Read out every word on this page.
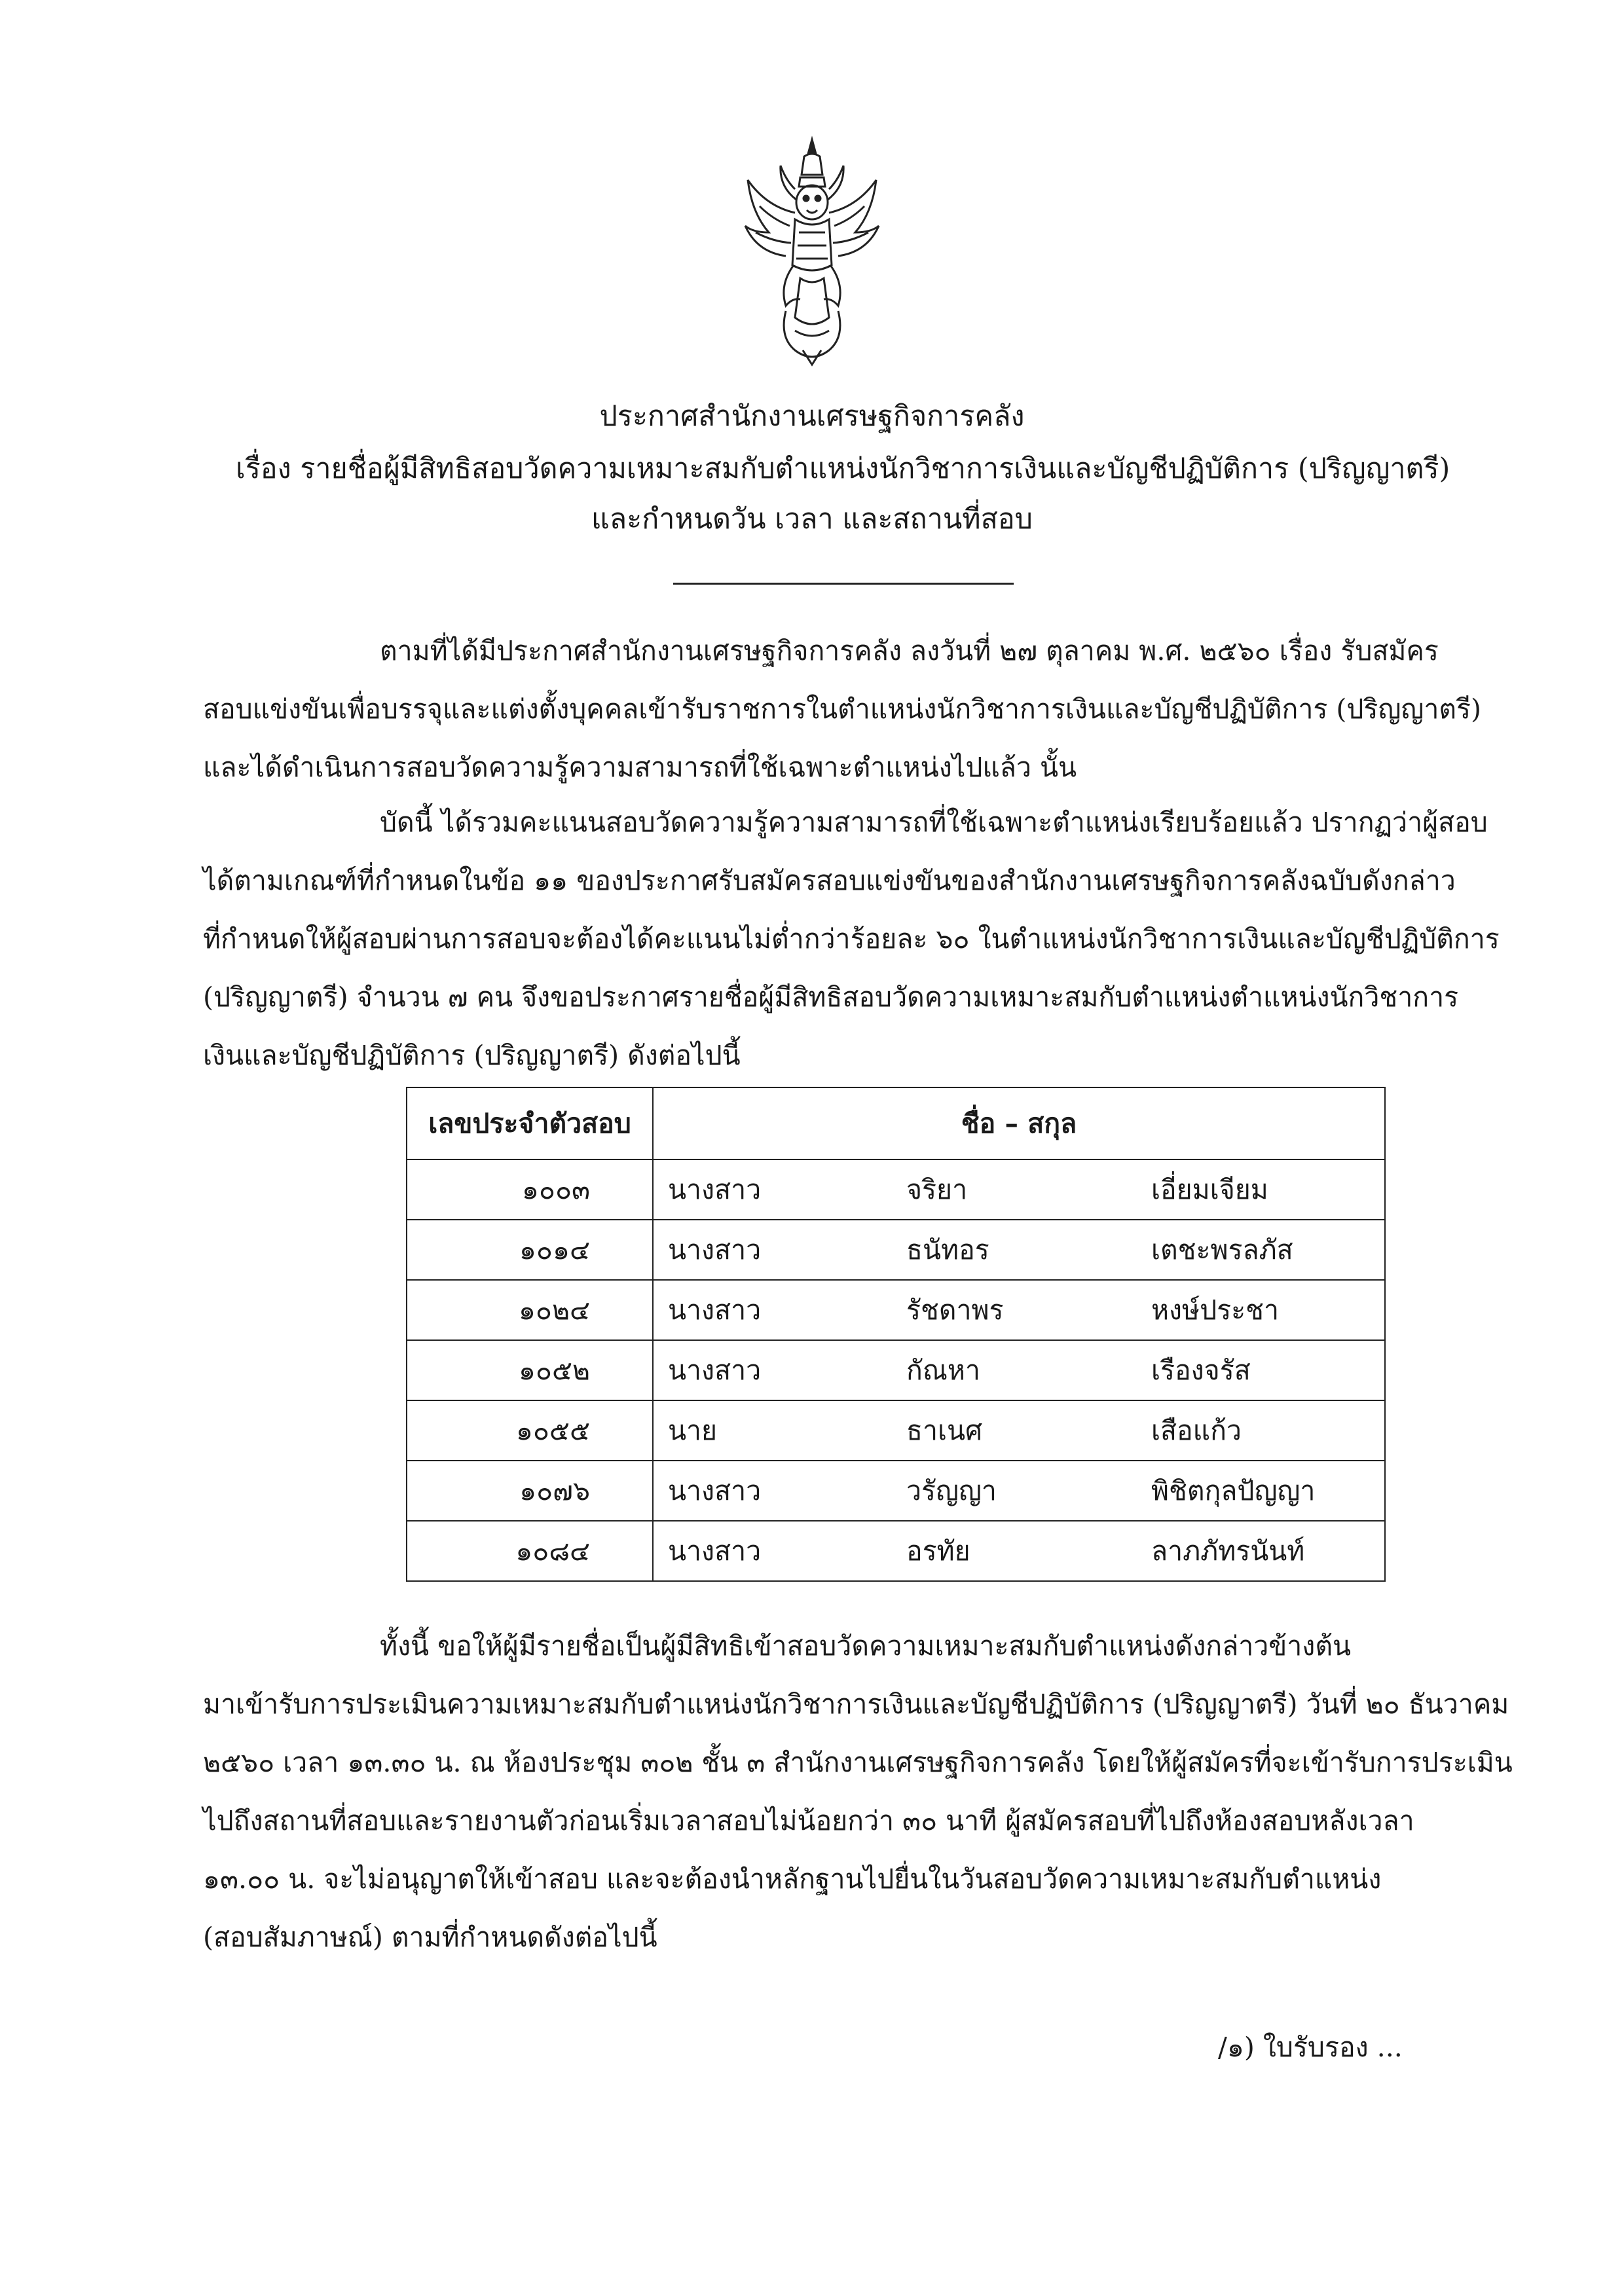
ประกาศสำนักงานเศรษฐกิจการคลัง
เรื่อง รายชื่อผู้มีสิทธิสอบวัดความเหมาะสมกับตำแหน่งนักวิชาการเงินและบัญชีปฏิบัติการ (ปริญญาตรี)
และกำหนดวัน เวลา และสถานที่สอบ
ตามที่ได้มีประกาศสำนักงานเศรษฐกิจการคลัง ลงวันที่ ๒๗ ตุลาคม พ.ศ. ๒๕๖๐ เรื่อง รับสมัคร
สอบแข่งขันเพื่อบรรจุและแต่งตั้งบุคคลเข้ารับราชการในตำแหน่งนักวิชาการเงินและบัญชีปฏิบัติการ (ปริญญาตรี)
และได้ดำเนินการสอบวัดความรู้ความสามารถที่ใช้เฉพาะตำแหน่งไปแล้ว นั้น
บัดนี้ ได้รวมคะแนนสอบวัดความรู้ความสามารถที่ใช้เฉพาะตำแหน่งเรียบร้อยแล้ว ปรากฏว่าผู้สอบ
ได้ตามเกณฑ์ที่กำหนดในข้อ ๑๑ ของประกาศรับสมัครสอบแข่งขันของสำนักงานเศรษฐกิจการคลังฉบับดังกล่าว
ที่กำหนดให้ผู้สอบผ่านการสอบจะต้องได้คะแนนไม่ต่ำกว่าร้อยละ ๖๐ ในตำแหน่งนักวิชาการเงินและบัญชีปฏิบัติการ
(ปริญญาตรี) จำนวน ๗ คน จึงขอประกาศรายชื่อผู้มีสิทธิสอบวัดความเหมาะสมกับตำแหน่งตำแหน่งนักวิชาการ
เงินและบัญชีปฏิบัติการ (ปริญญาตรี) ดังต่อไปนี้
เลขประจำตัวสอบ	ชื่อ – สกุล		
๑๐๐๓	นางสาว	จริยา	เอี่ยมเจียม
๑๐๑๔	นางสาว	ธนัทอร	เตชะพรลภัส
๑๐๒๔	นางสาว	รัชดาพร	หงษ์ประชา
๑๐๕๒	นางสาว	กัณหา	เรืองจรัส
๑๐๕๕	นาย	ธาเนศ	เสือแก้ว
๑๐๗๖	นางสาว	วรัญญา	พิชิตกุลปัญญา
๑๐๘๔	นางสาว	อรทัย	ลาภภัทรนันท์
ทั้งนี้ ขอให้ผู้มีรายชื่อเป็นผู้มีสิทธิเข้าสอบวัดความเหมาะสมกับตำแหน่งดังกล่าวข้างต้น
มาเข้ารับการประเมินความเหมาะสมกับตำแหน่งนักวิชาการเงินและบัญชีปฏิบัติการ (ปริญญาตรี) วันที่ ๒๐ ธันวาคม
๒๕๖๐ เวลา ๑๓.๓๐ น. ณ ห้องประชุม ๓๐๒ ชั้น ๓ สำนักงานเศรษฐกิจการคลัง โดยให้ผู้สมัครที่จะเข้ารับการประเมิน
ไปถึงสถานที่สอบและรายงานตัวก่อนเริ่มเวลาสอบไม่น้อยกว่า ๓๐ นาที ผู้สมัครสอบที่ไปถึงห้องสอบหลังเวลา
๑๓.๐๐ น. จะไม่อนุญาตให้เข้าสอบ และจะต้องนำหลักฐานไปยื่นในวันสอบวัดความเหมาะสมกับตำแหน่ง
(สอบสัมภาษณ์) ตามที่กำหนดดังต่อไปนี้
/๑) ใบรับรอง ...
